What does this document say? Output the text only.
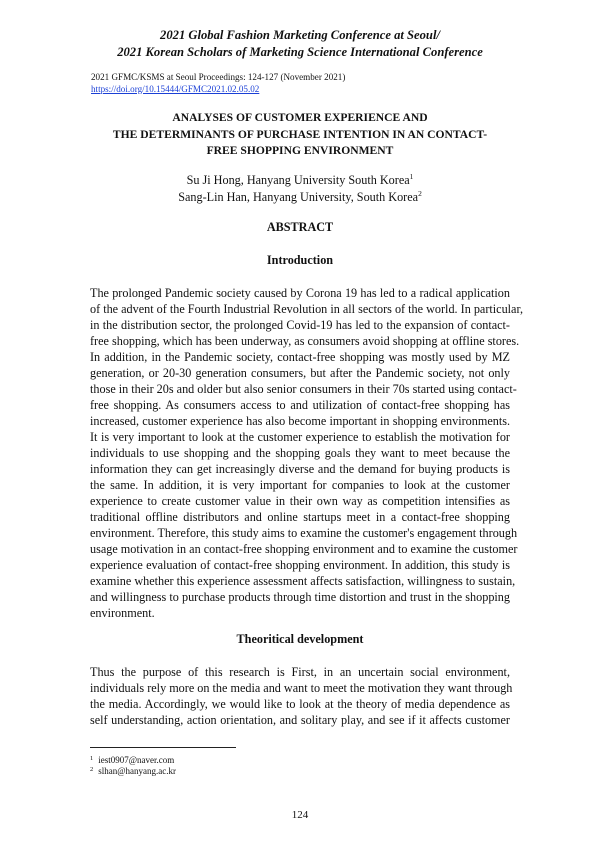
2021 Global Fashion Marketing Conference at Seoul/
2021 Korean Scholars of Marketing Science International Conference
2021 GFMC/KSMS at Seoul Proceedings: 124-127 (November 2021)
https://doi.org/10.15444/GFMC2021.02.05.02
ANALYSES OF CUSTOMER EXPERIENCE AND
THE DETERMINANTS OF PURCHASE INTENTION IN AN CONTACT-
FREE SHOPPING ENVIRONMENT
Su Ji Hong, Hanyang University South Korea$^1$
Sang-Lin Han, Hanyang University, South Korea$^2$
ABSTRACT
Introduction
The prolonged Pandemic society caused by Corona 19 has led to a radical application
of the advent of the Fourth Industrial Revolution in all sectors of the world. In particular,
in the distribution sector, the prolonged Covid-19 has led to the expansion of contact-
free shopping, which has been underway, as consumers avoid shopping at offline stores.
In addition, in the Pandemic society, contact-free shopping was mostly used by MZ
generation, or 20-30 generation consumers, but after the Pandemic society, not only
those in their 20s and older but also senior consumers in their 70s started using contact-
free shopping. As consumers access to and utilization of contact-free shopping has
increased, customer experience has also become important in shopping environments.
It is very important to look at the customer experience to establish the motivation for
individuals to use shopping and the shopping goals they want to meet because the
information they can get increasingly diverse and the demand for buying products is
the same. In addition, it is very important for companies to look at the customer
experience to create customer value in their own way as competition intensifies as
traditional offline distributors and online startups meet in a contact-free shopping
environment. Therefore, this study aims to examine the customer's engagement through
usage motivation in an contact-free shopping environment and to examine the customer
experience evaluation of contact-free shopping environment. In addition, this study is
examine whether this experience assessment affects satisfaction, willingness to sustain,
and willingness to purchase products through time distortion and trust in the shopping
environment.
Theoritical development
Thus the purpose of this research is First, in an uncertain social environment,
individuals rely more on the media and want to meet the motivation they want through
the media. Accordingly, we would like to look at the theory of media dependence as
self understanding, action orientation, and solitary play, and see if it affects customer
$^1$ iest0907@naver.com
$^2$ slhan@hanyang.ac.kr
124
